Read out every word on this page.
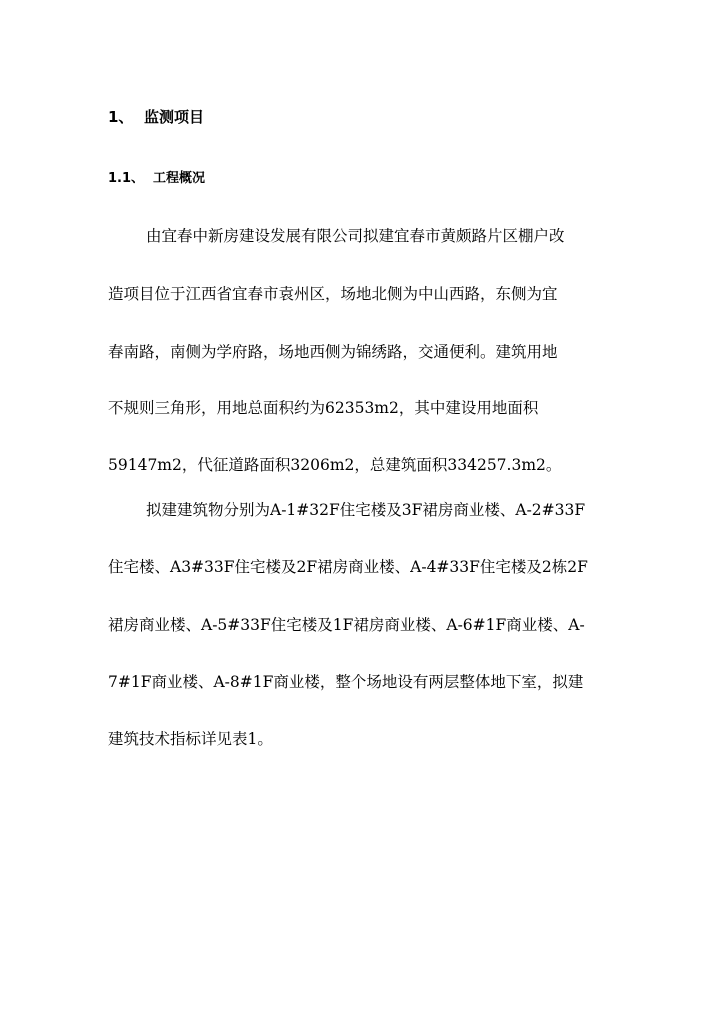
1、 监测项目
1.1、 工程概况
由宜春中新房建设发展有限公司拟建宜春市黄颇路片区棚户改
造项目位于江西省宜春市袁州区，场地北侧为中山西路，东侧为宜
春南路，南侧为学府路，场地西侧为锦绣路，交通便利。建筑用地
不规则三角形，用地总面积约为62353m2，其中建设用地面积
59147m2，代征道路面积3206m2，总建筑面积334257.3m2。
拟建建筑物分别为A-1#32F住宅楼及3F裙房商业楼、A-2#33F
住宅楼、A3#33F住宅楼及2F裙房商业楼、A-4#33F住宅楼及2栋2F
裙房商业楼、A-5#33F住宅楼及1F裙房商业楼、A-6#1F商业楼、A-
7#1F商业楼、A-8#1F商业楼，整个场地设有两层整体地下室，拟建
建筑技术指标详见表1。
